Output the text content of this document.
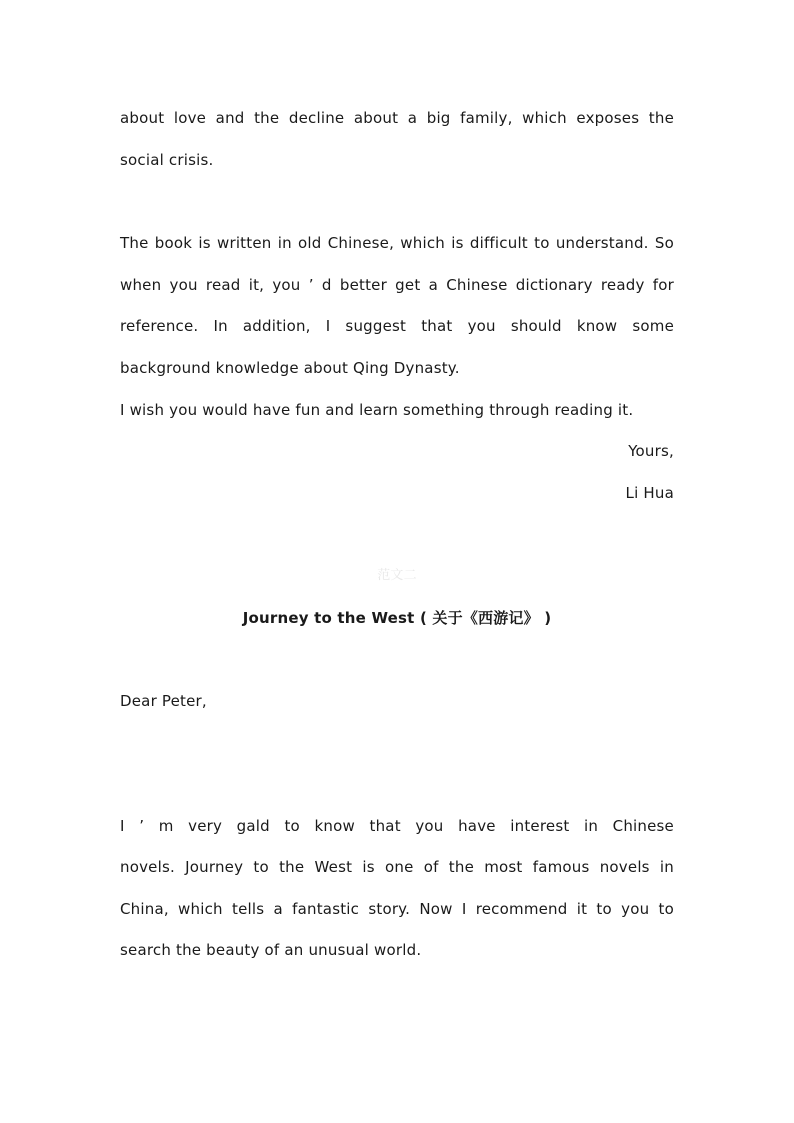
about love and the decline about a big family, which exposes the
social crisis.
The book is written in old Chinese, which is difficult to understand. So
when you read it, you ’ d better get a Chinese dictionary ready for
reference. In addition, I suggest that you should know some
background knowledge about Qing Dynasty.
I wish you would have fun and learn something through reading it.
Yours,
Li Hua
范文二
Journey to the West ( 关于《西游记》 )
Dear Peter,
I ’ m very gald to know that you have interest in Chinese
novels. Journey to the West is one of the most famous novels in
China, which tells a fantastic story. Now I recommend it to you to
search the beauty of an unusual world.
